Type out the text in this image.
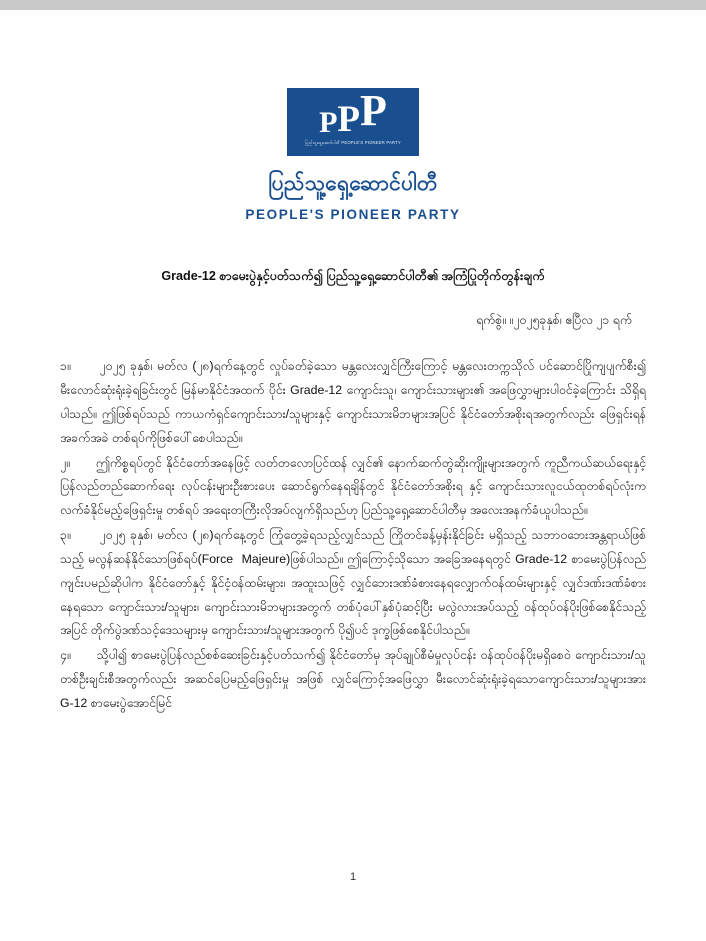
P P P
ပြည်သူ့ရှေ့ဆောင်ပါတီ PEOPLE'S PIONEER PARTY
ပြည်သူ့ရှေ့ဆောင်ပါတီ
PEOPLE'S PIONEER PARTY
Grade-12 စာမေးပွဲနှင့်ပတ်သက်၍ ပြည်သူ့ရှေ့ဆောင်ပါတီ၏ အကြံပြုတိုက်တွန်းချက်
ရက်စွဲ။ ။၂၀၂၅ခုနှစ်၊ ဧပြီလ ၂၁ ရက်

၁။      ၂၀၂၅ ခုနှစ်၊ မတ်လ (၂၈)ရက်နေ့တွင် လှုပ်ခတ်ခဲ့သော မန္တလေးလျှင်ကြီးကြောင့် မန္တလေးတက္ကသိုလ် ပင်ဆောင်ပြိုကျပျက်စီး၍ မီးလောင်ဆုံးရုံးခဲ့ရခြင်းတွင် မြန်မာနိုင်ငံအထက် ပိုင်း Grade-12 ကျောင်းသူ၊ ကျောင်းသားများ၏ အဖြေလွှာများပါဝင်ခဲ့ကြောင်း သိရှိရပါသည်။ ဤဖြစ်ရပ်သည် ကာယကံရှင်ကျောင်းသား/သူများနှင့် ကျောင်းသားမိဘများအပြင် နိုင်ငံတော်အစိုးရအတွက်လည်း ဖြေရှင်းရန်အခက်အခဲ တစ်ရပ်ကိုဖြစ်ပေါ်စေပါသည်။

၂။      ဤကိစ္စရပ်တွင် နိုင်ငံတော်အနေဖြင့် လတ်တလောပြင်ထန် လျှင်၏ နောက်ဆက်တွဲဆိုးကျိုးများအတွက် ကူညီကယ်ဆယ်ရေးနှင့် ပြန်လည်တည်ဆောက်ရေး လုပ်ငန်းများဦးစားပေး ဆောင်ရွက်နေရချိန်တွင် နိုင်ငံတော်အစိုးရ နှင့် ကျောင်းသားလူငယ်ထုတစ်ရပ်လုံးက လက်ခံနိုင်မည့်ဖြေရှင်းမှု တစ်ရပ် အရေးတကြီးလိုအပ်လျက်ရှိသည်ဟု ပြည်သူ့ရှေ့ဆောင်ပါတီမှ အလေးအနက်ခံယူပါသည်။

၃။      ၂၀၂၅ ခုနှစ်၊ မတ်လ (၂၈)ရက်နေ့တွင် ကြုံတွေ့ခဲ့ရသည့်လျှင်သည် ကြိုတင်ခန့်မှန်းနိုင်ခြင်း မရှိသည့် သဘာဝဘေးအန္တရာယ်ဖြစ်သည့် မလွန်ဆန်နိုင်သောဖြစ်ရပ်(Force  Majeure)ဖြစ်ပါသည်။ ဤကြောင့်သိုသော အခြေအနေရတွင် Grade-12 စာမေးပွဲပြန်လည်ကျင်းပမည်ဆိုပါက နိုင်ငံတော်နှင့် နိုင်ငံ့ဝန်ထမ်းများ၊ အထူးသဖြင့် လျှင်ဘေးဒဏ်ခံစားနေရလျှောက်ဝန်ထမ်းများနှင့် လျှင်ဒဏ်းဒဏ်ခံစားနေရသော ကျောင်းသား/သူများ၊ ကျောင်းသားမိဘများအတွက် တစ်ပုံပေါ်နှစ်ပုံဆင့်ပြီး မလွဲလားအပ်သည့် ဝန်ထုပ်ဝန်ပိုးဖြစ်စေနိုင်သည့်အပြင် တိုက်ပွဲဒဏ်သင့်ဒေသများမှ ကျောင်းသား/သူများအတွက် ပို၍ပင် ဒုက္ခဖြစ်စေနိုင်ပါသည်။

၄။      သို့ပါ၍ စာမေးပွဲပြန်လည်စစ်ဆေးခြင်းနှင့်ပတ်သက်၍ နိုင်ငံတော်မှ အုပ်ချုပ်စီမံမှုလုပ်ငန်း ဝန်ထုပ်ဝန်ပိုးမရှိစေဝဲ ကျောင်းသား/သူတစ်ဦးချင်းစီအတွက်လည်း အဆင်ပြေမည့်ဖြေရှင်းမှု အဖြစ် လျှင်ကြောင့်အဖြေလွှာ မီးလောင်ဆုံးရုံးခဲ့ရသောကျောင်းသား/သူများအား G-12 စာမေးပွဲအောင်မြင်

1
